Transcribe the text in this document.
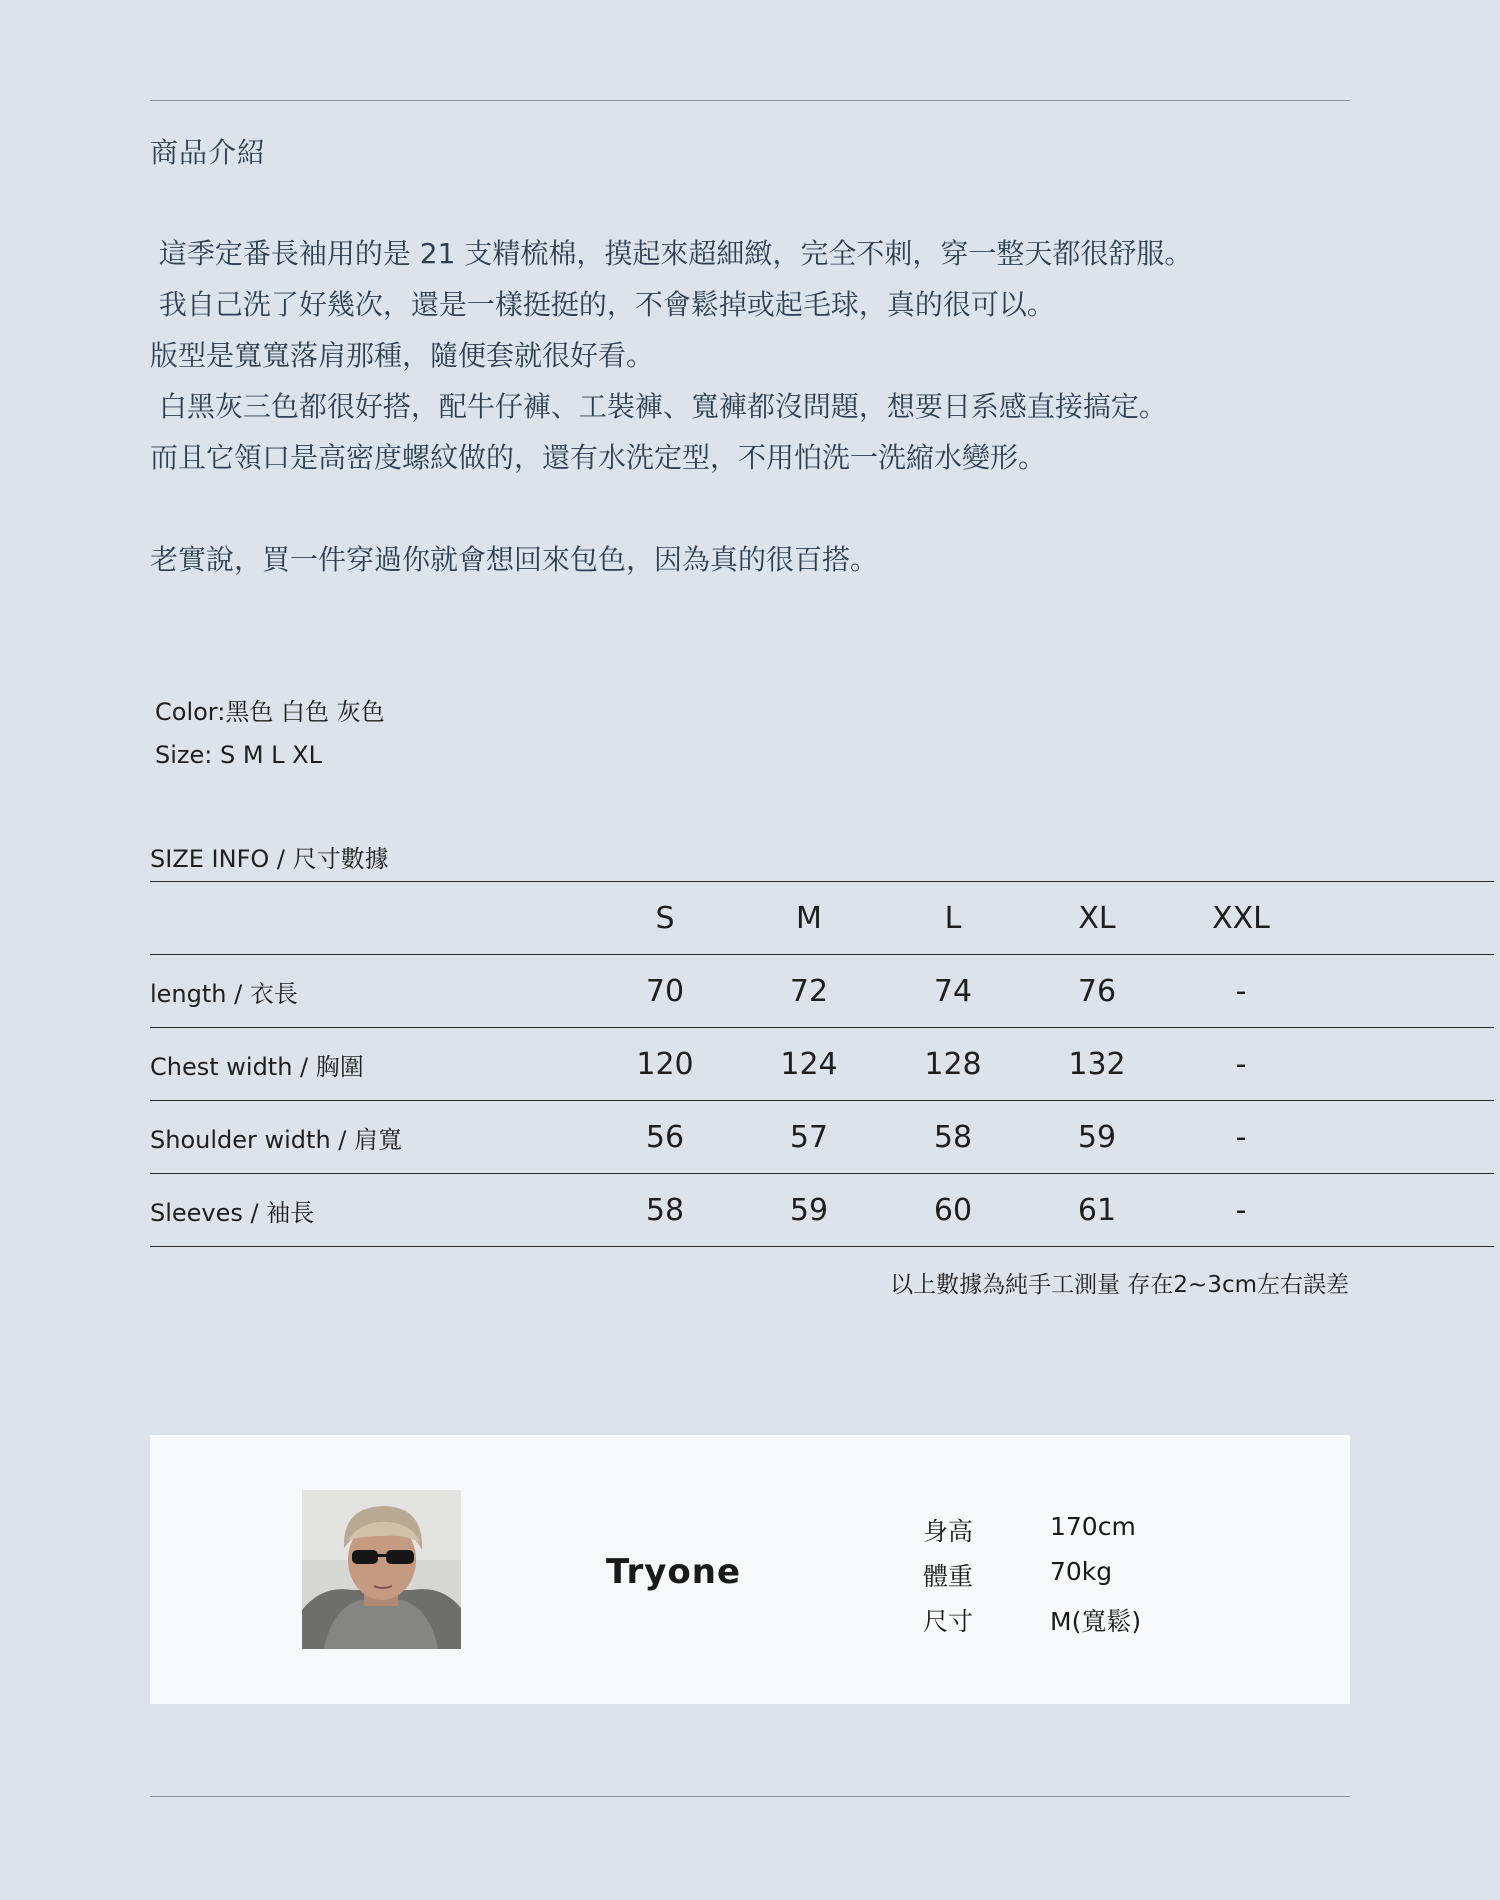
商品介紹

這季定番長袖用的是 21 支精梳棉，摸起來超細緻，完全不刺，穿一整天都很舒服。

我自己洗了好幾次，還是一樣挺挺的，不會鬆掉或起毛球，真的很可以。

版型是寬寬落肩那種，隨便套就很好看。

白黑灰三色都很好搭，配牛仔褲、工裝褲、寬褲都沒問題，想要日系感直接搞定。

而且它領口是高密度螺紋做的，還有水洗定型，不用怕洗一洗縮水變形。

老實說，買一件穿過你就會想回來包色，因為真的很百搭。

Color:黑色 白色 灰色
Size: S M L XL
SIZE INFO / 尺寸數據
	S	M	L	XL	XXL	
length / 衣長	70	72	74	76	-	
Chest width / 胸圍	120	124	128	132	-	
Shoulder width / 肩寬	56	57	58	59	-	
Sleeves / 袖長	58	59	60	61	-	
以上數據為純手工測量 存在2~3cm左右誤差
Tryone
身高	170cm
體重	70kg
尺寸	M(寬鬆)
